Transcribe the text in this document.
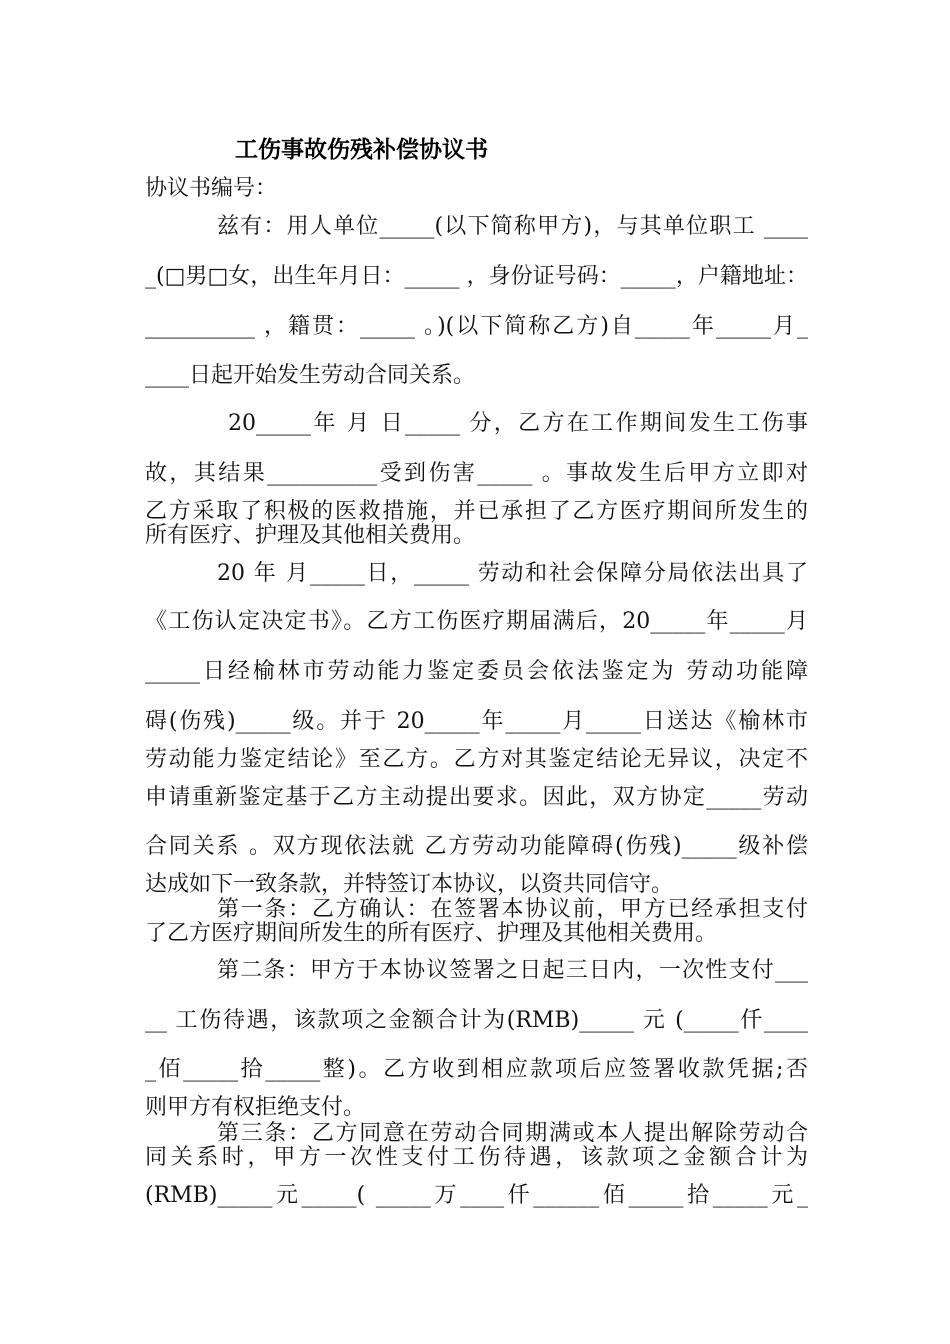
工伤事故伤残补偿协议书
协议书编号：
兹有：用人单位_____(以下简称甲方)，与其单位职工 ____
_(□男□女，出生年月日：_____ ，身份证号码：_____，户籍地址：
__________ ，籍贯：_____ 。)(以下简称乙方)自_____年_____月_
____日起开始发生劳动合同关系。
20_____年 月 日_____ 分，乙方在工作期间发生工伤事
故，其结果__________受到伤害_____ 。事故发生后甲方立即对
乙方采取了积极的医救措施，并已承担了乙方医疗期间所发生的
所有医疗、护理及其他相关费用。
20 年 月_____日，_____ 劳动和社会保障分局依法出具了
《工伤认定决定书》。乙方工伤医疗期届满后，20_____年_____月
_____日经榆林市劳动能力鉴定委员会依法鉴定为 劳动功能障
碍(伤残)_____级。并于 20_____年_____月_____日送达《榆林市
劳动能力鉴定结论》至乙方。乙方对其鉴定结论无异议，决定不
申请重新鉴定基于乙方主动提出要求。因此，双方协定_____劳动
合同关系 。双方现依法就 乙方劳动功能障碍(伤残)_____级补偿
达成如下一致条款，并特签订本协议，以资共同信守。
第一条：乙方确认：在签署本协议前，甲方已经承担支付
了乙方医疗期间所发生的所有医疗、护理及其他相关费用。
第二条：甲方于本协议签署之日起三日内，一次性支付___
__ 工伤待遇，该款项之金额合计为(RMB)_____ 元 (_____仟____
_佰_____拾_____整)。乙方收到相应款项后应签署收款凭据;否
则甲方有权拒绝支付。
第三条：乙方同意在劳动合同期满或本人提出解除劳动合
同关系时，甲方一次性支付工伤待遇，该款项之金额合计为
(RMB)_____元_____( _____万____仟______佰_____拾_____元_
